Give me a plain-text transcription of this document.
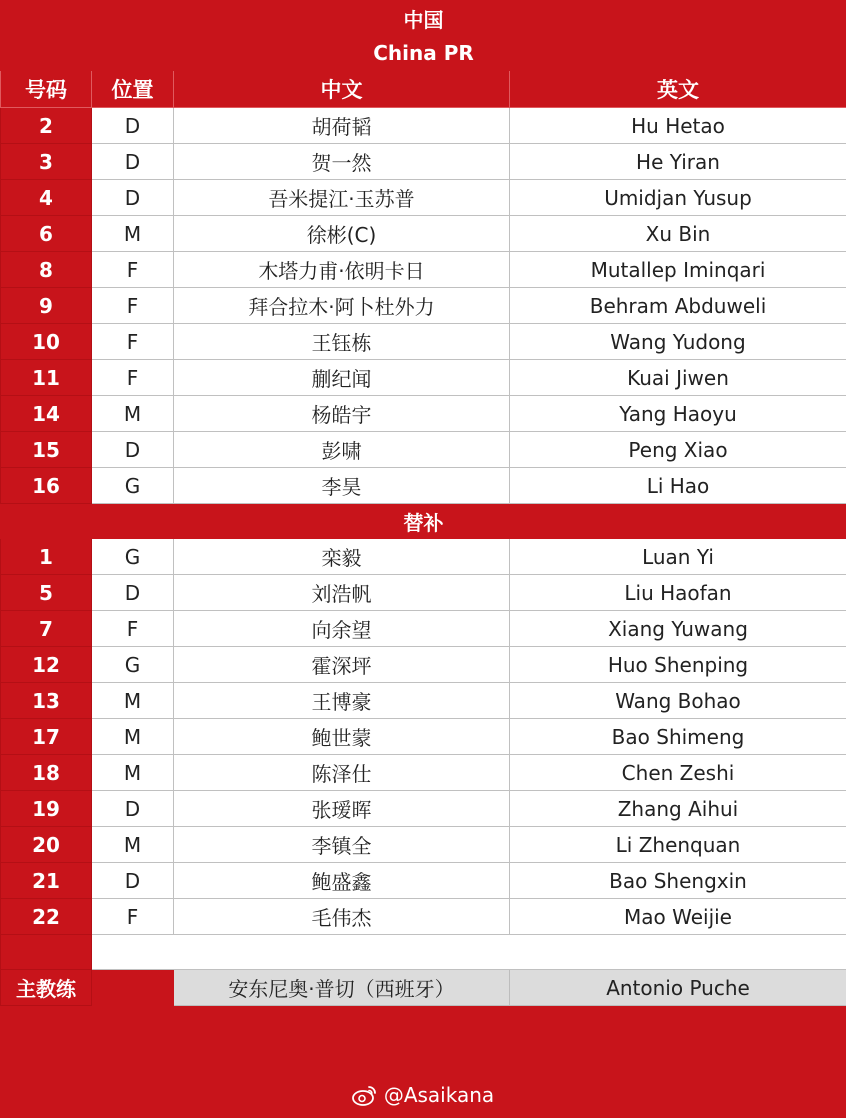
中国			
China PR			
号码	位置	中文	英文
2	D	胡荷韬	Hu Hetao
3	D	贺一然	He Yiran
4	D	吾米提江·玉苏普	Umidjan Yusup
6	M	徐彬(C)	Xu Bin
8	F	木塔力甫·依明卡日	Mutallep Iminqari
9	F	拜合拉木·阿卜杜外力	Behram Abduweli
10	F	王钰栋	Wang Yudong
11	F	蒯纪闻	Kuai Jiwen
14	M	杨皓宇	Yang Haoyu
15	D	彭啸	Peng Xiao
16	G	李昊	Li Hao
替补			
1	G	栾毅	Luan Yi
5	D	刘浩帆	Liu Haofan
7	F	向余望	Xiang Yuwang
12	G	霍深坪	Huo Shenping
13	M	王博豪	Wang Bohao
17	M	鲍世蒙	Bao Shimeng
18	M	陈泽仕	Chen Zeshi
19	D	张瑷晖	Zhang Aihui
20	M	李镇全	Li Zhenquan
21	D	鲍盛鑫	Bao Shengxin
22	F	毛伟杰	Mao Weijie

主教练		安东尼奥·普切（西班牙）	Antonio Puche
@Asaikana
